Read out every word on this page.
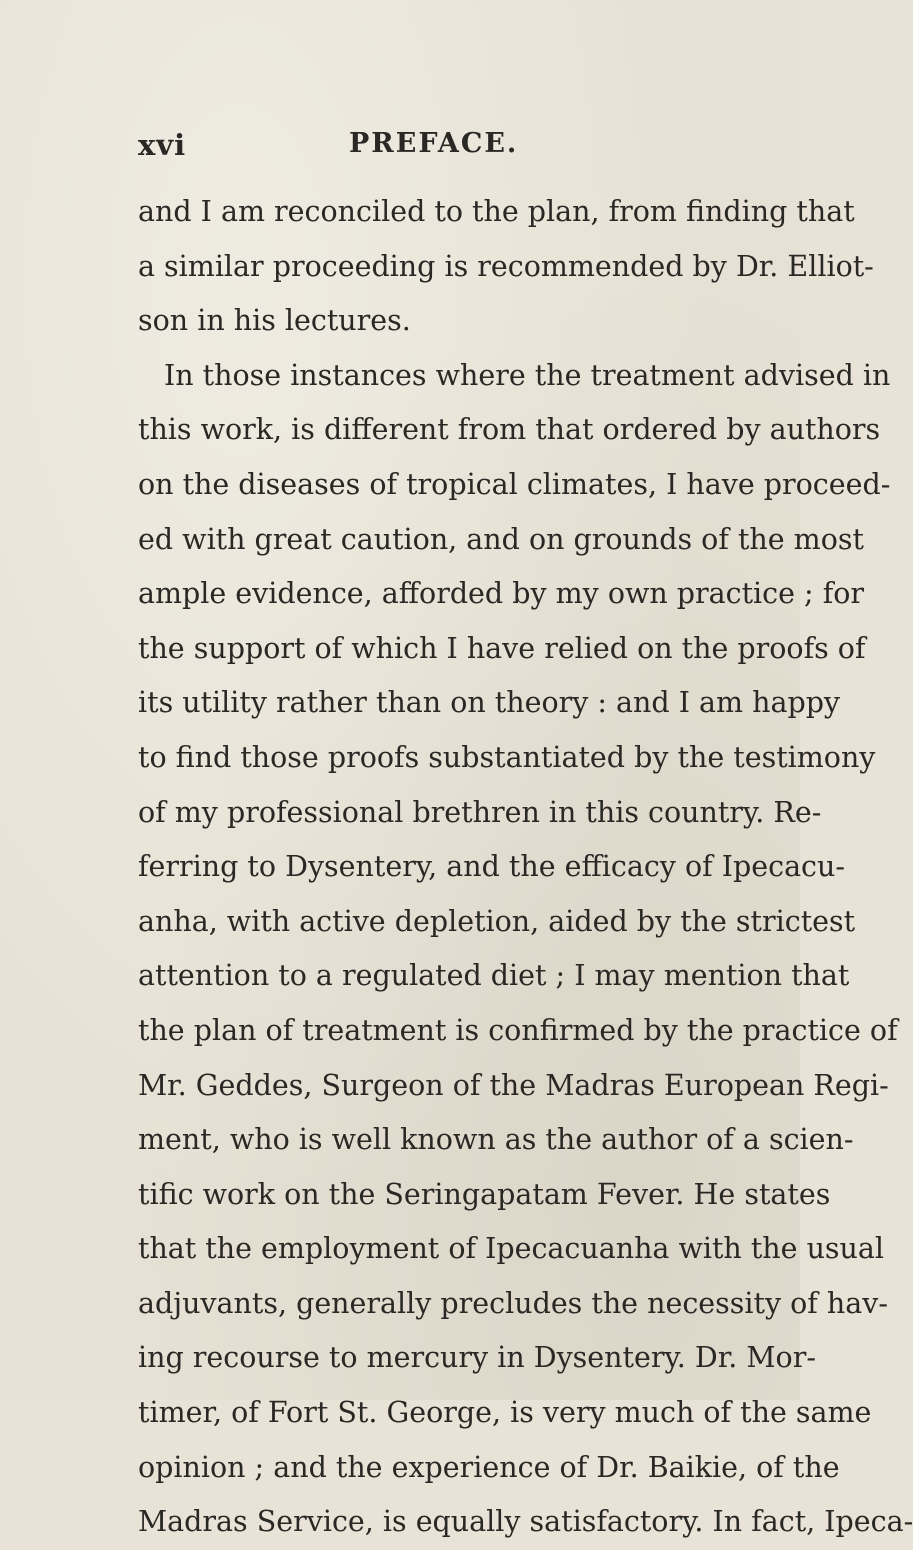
xvi	PREFACE.
and I am reconciled to the plan, from finding that
a similar proceeding is recommended by Dr. Elliot-
son in his lectures.
In those instances where the treatment advised in
this work, is different from that ordered by authors
on the diseases of tropical climates, I have proceed-
ed with great caution, and on grounds of the most
ample evidence, afforded by my own practice ; for
the support of which I have relied on the proofs of
its utility rather than on theory : and I am happy
to find those proofs substantiated by the testimony
of my professional brethren in this country. Re-
ferring to Dysentery, and the efficacy of Ipecacu-
anha, with active depletion, aided by the strictest
attention to a regulated diet ; I may mention that
the plan of treatment is confirmed by the practice of
Mr. Geddes, Surgeon of the Madras European Regi-
ment, who is well known as the author of a scien-
tific work on the Seringapatam Fever. He states
that the employment of Ipecacuanha with the usual
adjuvants, generally precludes the necessity of hav-
ing recourse to mercury in Dysentery. Dr. Mor-
timer, of Fort St. George, is very much of the same
opinion ; and the experience of Dr. Baikie, of the
Madras Service, is equally satisfactory. In fact, Ipeca-
